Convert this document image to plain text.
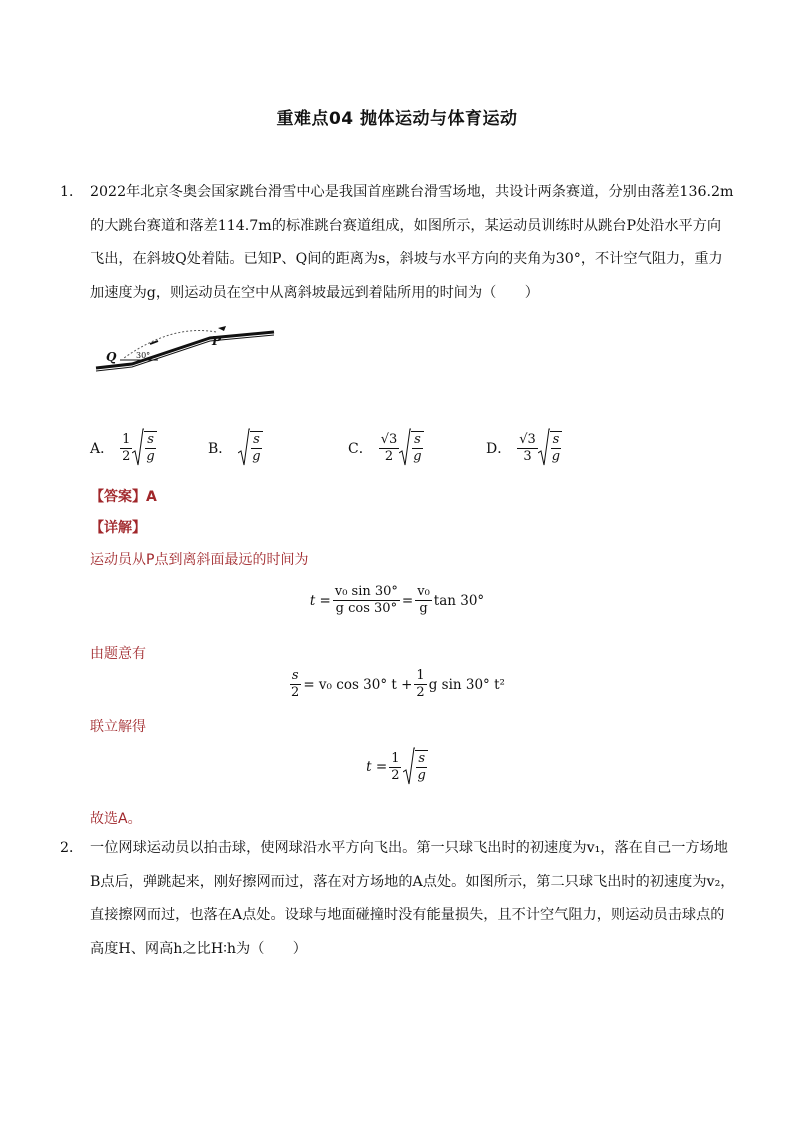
重难点04 抛体运动与体育运动
1． 2022年北京冬奥会国家跳台滑雪中心是我国首座跳台滑雪场地，共设计两条赛道，分别由落差136.2m
的大跳台赛道和落差114.7m的标准跳台赛道组成，如图所示，某运动员训练时从跳台P处沿水平方向
飞出，在斜坡Q处着陆。已知P、Q间的距离为s，斜坡与水平方向的夹角为30°，不计空气阻力，重力
加速度为g，则运动员在空中从离斜坡最远到着陆所用的时间为（　　）
P
Q 30°
A． $\frac{1}{2} \frac{s}{g}$	B． $\frac{s}{g}$	C． $\frac{√3}{2} \frac{s}{g}$	D． $\frac{√3}{3} \frac{s}{g}$
【答案】A
【详解】
运动员从P点到离斜面最远的时间为
$t = \frac{\text{v₀ sin 30°}}{\text{g cos 30°}} = \frac{\text{v₀}}{g}$ tan 30°
由题意有
$\frac{s}{2} = v_0$ cos 30° $t + \frac{1}{2}$ g sin 30° t²
联立解得
$t = \frac{1}{2} \frac{s}{g}$
故选A。
2． 一位网球运动员以拍击球，使网球沿水平方向飞出。第一只球飞出时的初速度为v₁，落在自己一方场地
B点后，弹跳起来，刚好擦网而过，落在对方场地的A点处。如图所示，第二只球飞出时的初速度为v₂，
直接擦网而过，也落在A点处。设球与地面碰撞时没有能量损失，且不计空气阻力，则运动员击球点的
高度H、网高h之比H∶h为（　　）
